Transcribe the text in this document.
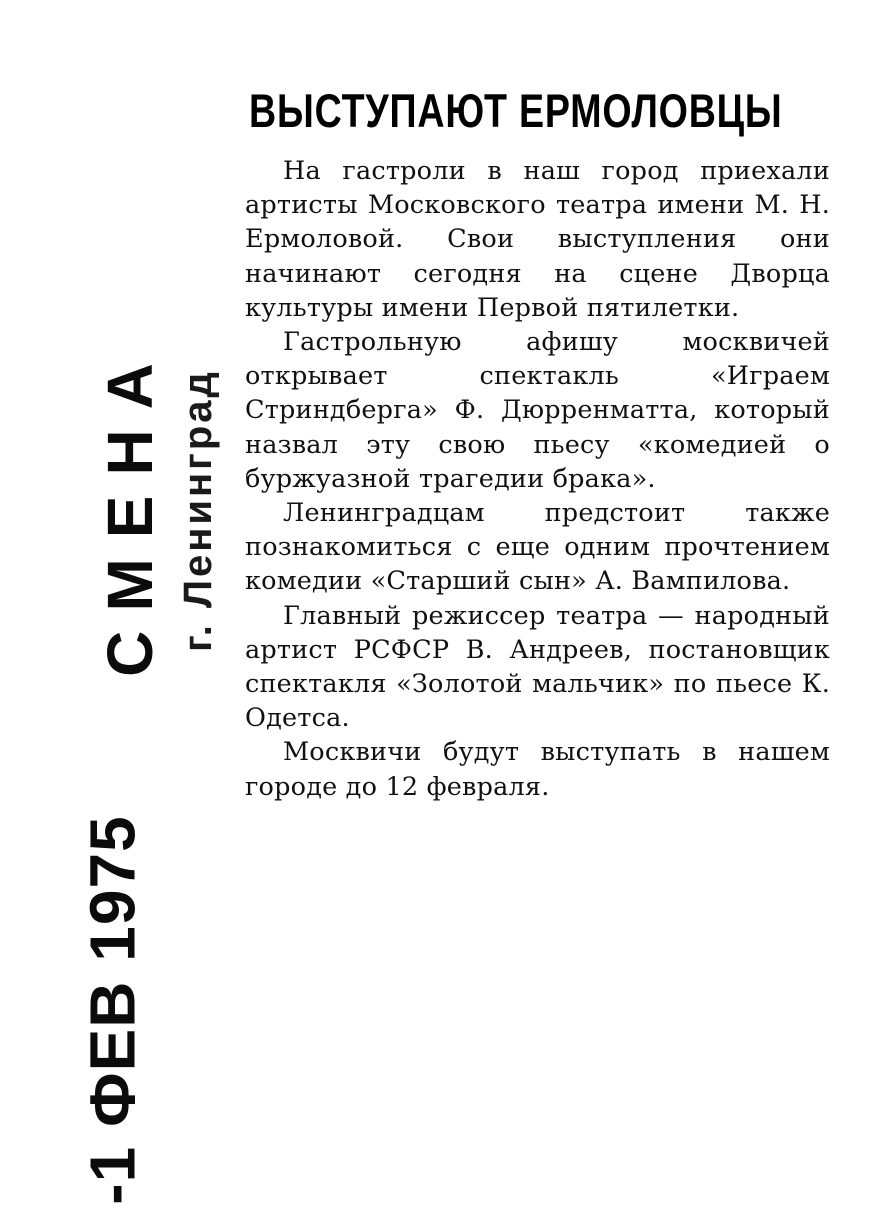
СМЕНА г. Ленинград
-1 ФЕВ 1975
ВЫСТУПАЮТ ЕРМОЛОВЦЫ

На гастроли в наш город приехали артисты Московского театра имени М. Н. Ермоловой. Свои выступления они начинают сегодня на сцене Дворца культуры имени Первой пятилетки.

Гастрольную афишу москвичей открывает спектакль «Играем Стриндберга» Ф. Дюрренматта, который назвал эту свою пьесу «комедией о буржуазной трагедии брака».

Ленинградцам предстоит также познакомиться с еще одним прочтением комедии «Старший сын» А. Вампилова.

Главный режиссер театра — народный артист РСФСР В. Андреев, постановщик спектакля «Золотой мальчик» по пьесе К. Одетса.

Москвичи будут выступать в нашем городе до 12 февраля.
